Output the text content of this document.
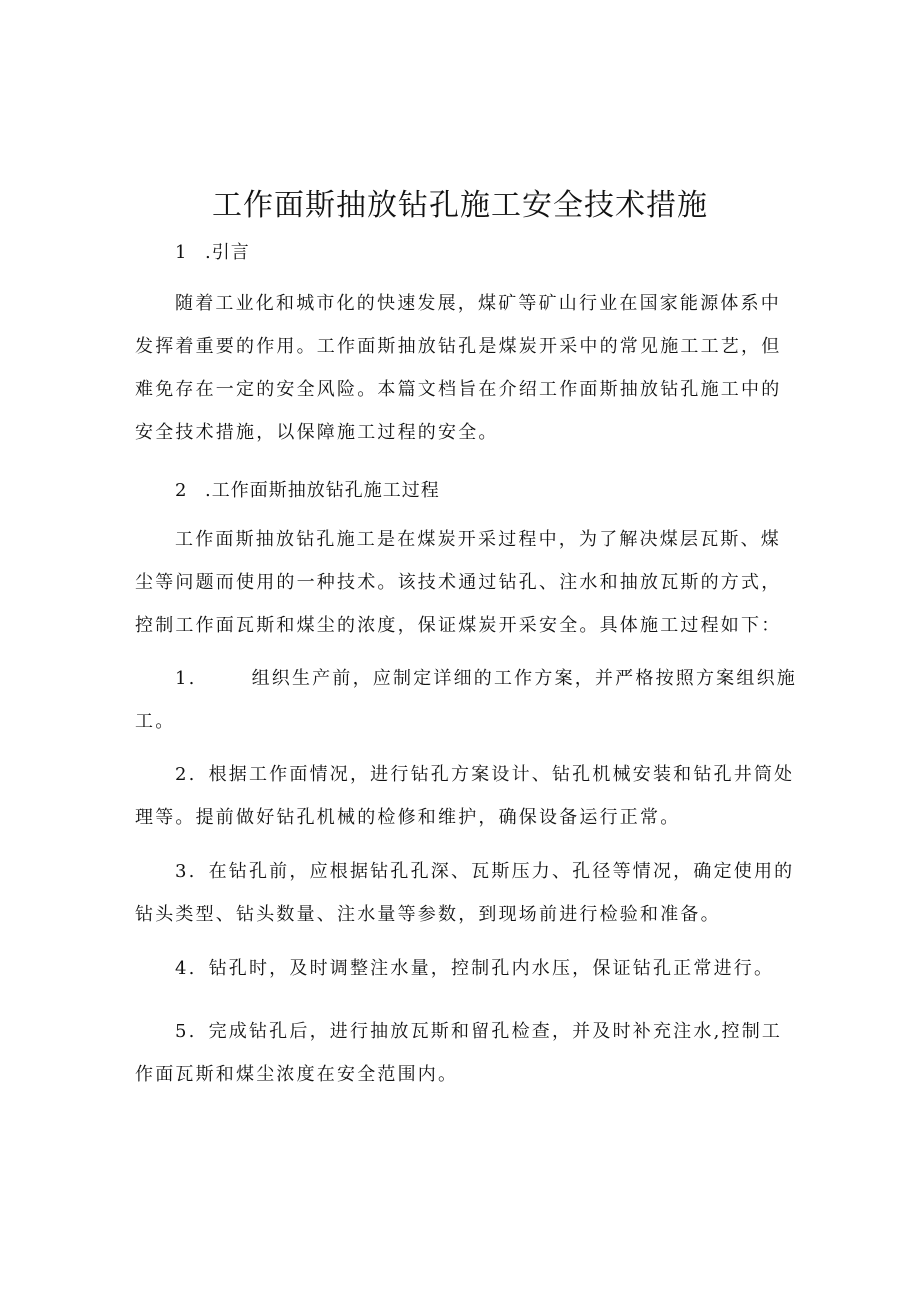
工作面斯抽放钻孔施工安全技术措施
1 .引言

随着工业化和城市化的快速发展，煤矿等矿山行业在国家能源体系中发挥着重要的作用。工作面斯抽放钻孔是煤炭开采中的常见施工工艺，但难免存在一定的安全风险。本篇文档旨在介绍工作面斯抽放钻孔施工中的安全技术措施，以保障施工过程的安全。

2 .工作面斯抽放钻孔施工过程

工作面斯抽放钻孔施工是在煤炭开采过程中，为了解决煤层瓦斯、煤尘等问题而使用的一种技术。该技术通过钻孔、注水和抽放瓦斯的方式，控制工作面瓦斯和煤尘的浓度，保证煤炭开采安全。具体施工过程如下：

1.	组织生产前，应制定详细的工作方案，并严格按照方案组织施工。

2. 根据工作面情况，进行钻孔方案设计、钻孔机械安装和钻孔井筒处理等。提前做好钻孔机械的检修和维护，确保设备运行正常。

3. 在钻孔前，应根据钻孔孔深、瓦斯压力、孔径等情况，确定使用的钻头类型、钻头数量、注水量等参数，到现场前进行检验和准备。

4. 钻孔时，及时调整注水量，控制孔内水压，保证钻孔正常进行。

5. 完成钻孔后，进行抽放瓦斯和留孔检查，并及时补充注水,控制工作面瓦斯和煤尘浓度在安全范围内。
